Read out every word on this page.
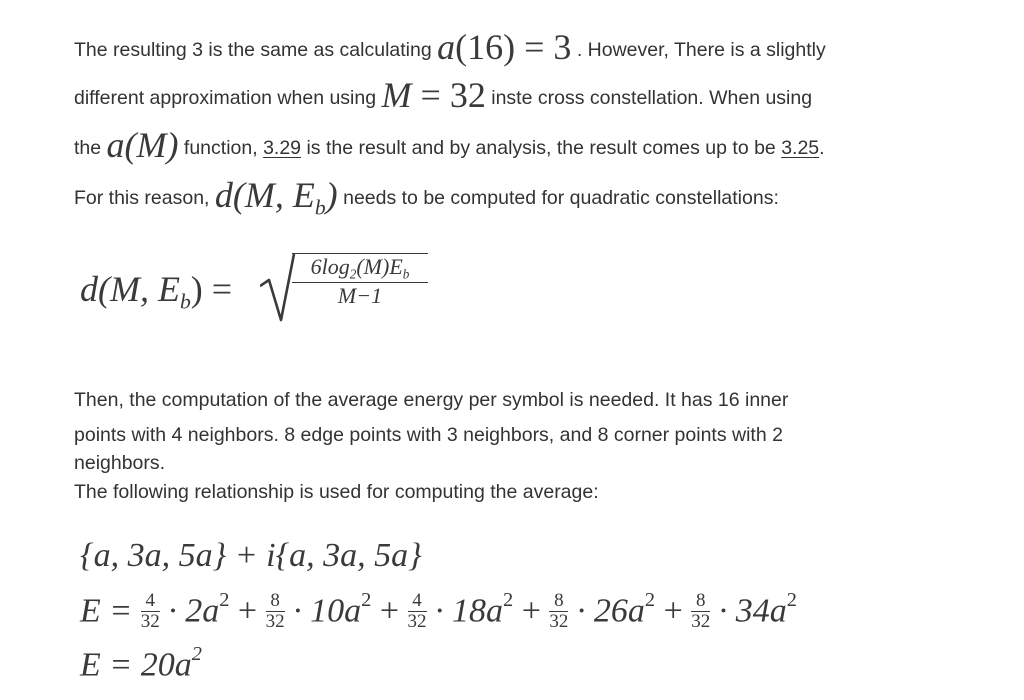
The resulting 3 is the same as calculating a(16) = 3 . However, There is a slightly
different approximation when using M = 32 inste cross constellation. When using
the a(M) function, 3.29 is the result and by analysis, the result comes up to be 3.25.
For this reason, d(M, $E_b$) needs to be computed for quadratic constellations:
d(M, $E_b$) =	$\frac{6\log_2(M)E_b}{M-1}$
Then, the computation of the average energy per symbol is needed. It has 16 inner
points with 4 neighbors. 8 edge points with 3 neighbors, and 8 corner points with 2
neighbors.
The following relationship is used for computing the average:
{a, 3a, 5a} + i{a, 3a, 5a}
$E = \frac{4}{32} \cdot 2a^2 + \frac{8}{32} \cdot 10a^2 + \frac{4}{32} \cdot 18a^2 + \frac{8}{32} \cdot 26a^2 + \frac{8}{32} \cdot 34a^2$
$E = 20a^2$
